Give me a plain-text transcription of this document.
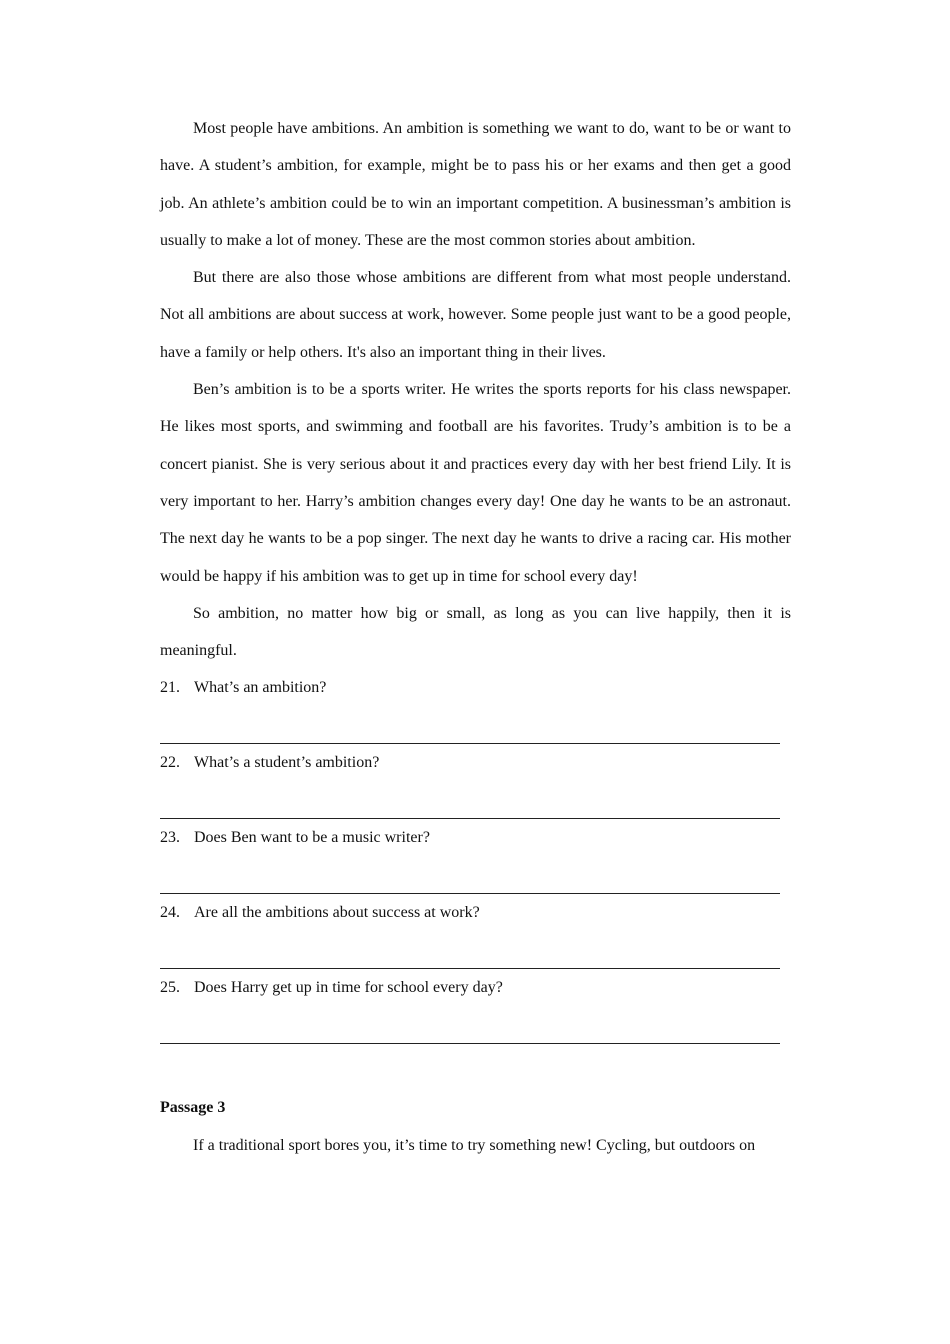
Most people have ambitions. An ambition is something we want to do, want to be or want to have. A student’s ambition, for example, might be to pass his or her exams and then get a good job. An athlete’s ambition could be to win an important competition. A businessman’s ambition is usually to make a lot of money. These are the most common stories about ambition.

But there are also those whose ambitions are different from what most people understand. Not all ambitions are about success at work, however. Some people just want to be a good people, have a family or help others. It's also an important thing in their lives.

Ben’s ambition is to be a sports writer. He writes the sports reports for his class newspaper. He likes most sports, and swimming and football are his favorites. Trudy’s ambition is to be a concert pianist. She is very serious about it and practices every day with her best friend Lily. It is very important to her. Harry’s ambition changes every day! One day he wants to be an astronaut. The next day he wants to be a pop singer. The next day he wants to drive a racing car. His mother would be happy if his ambition was to get up in time for school every day!

So ambition, no matter how big or small, as long as you can live happily, then it is meaningful.

21. What’s an ambition?

22. What’s a student’s ambition?

23. Does Ben want to be a music writer?

24. Are all the ambitions about success at work?

25. Does Harry get up in time for school every day?

Passage 3

If a traditional sport bores you, it’s time to try something new! Cycling, but outdoors on
